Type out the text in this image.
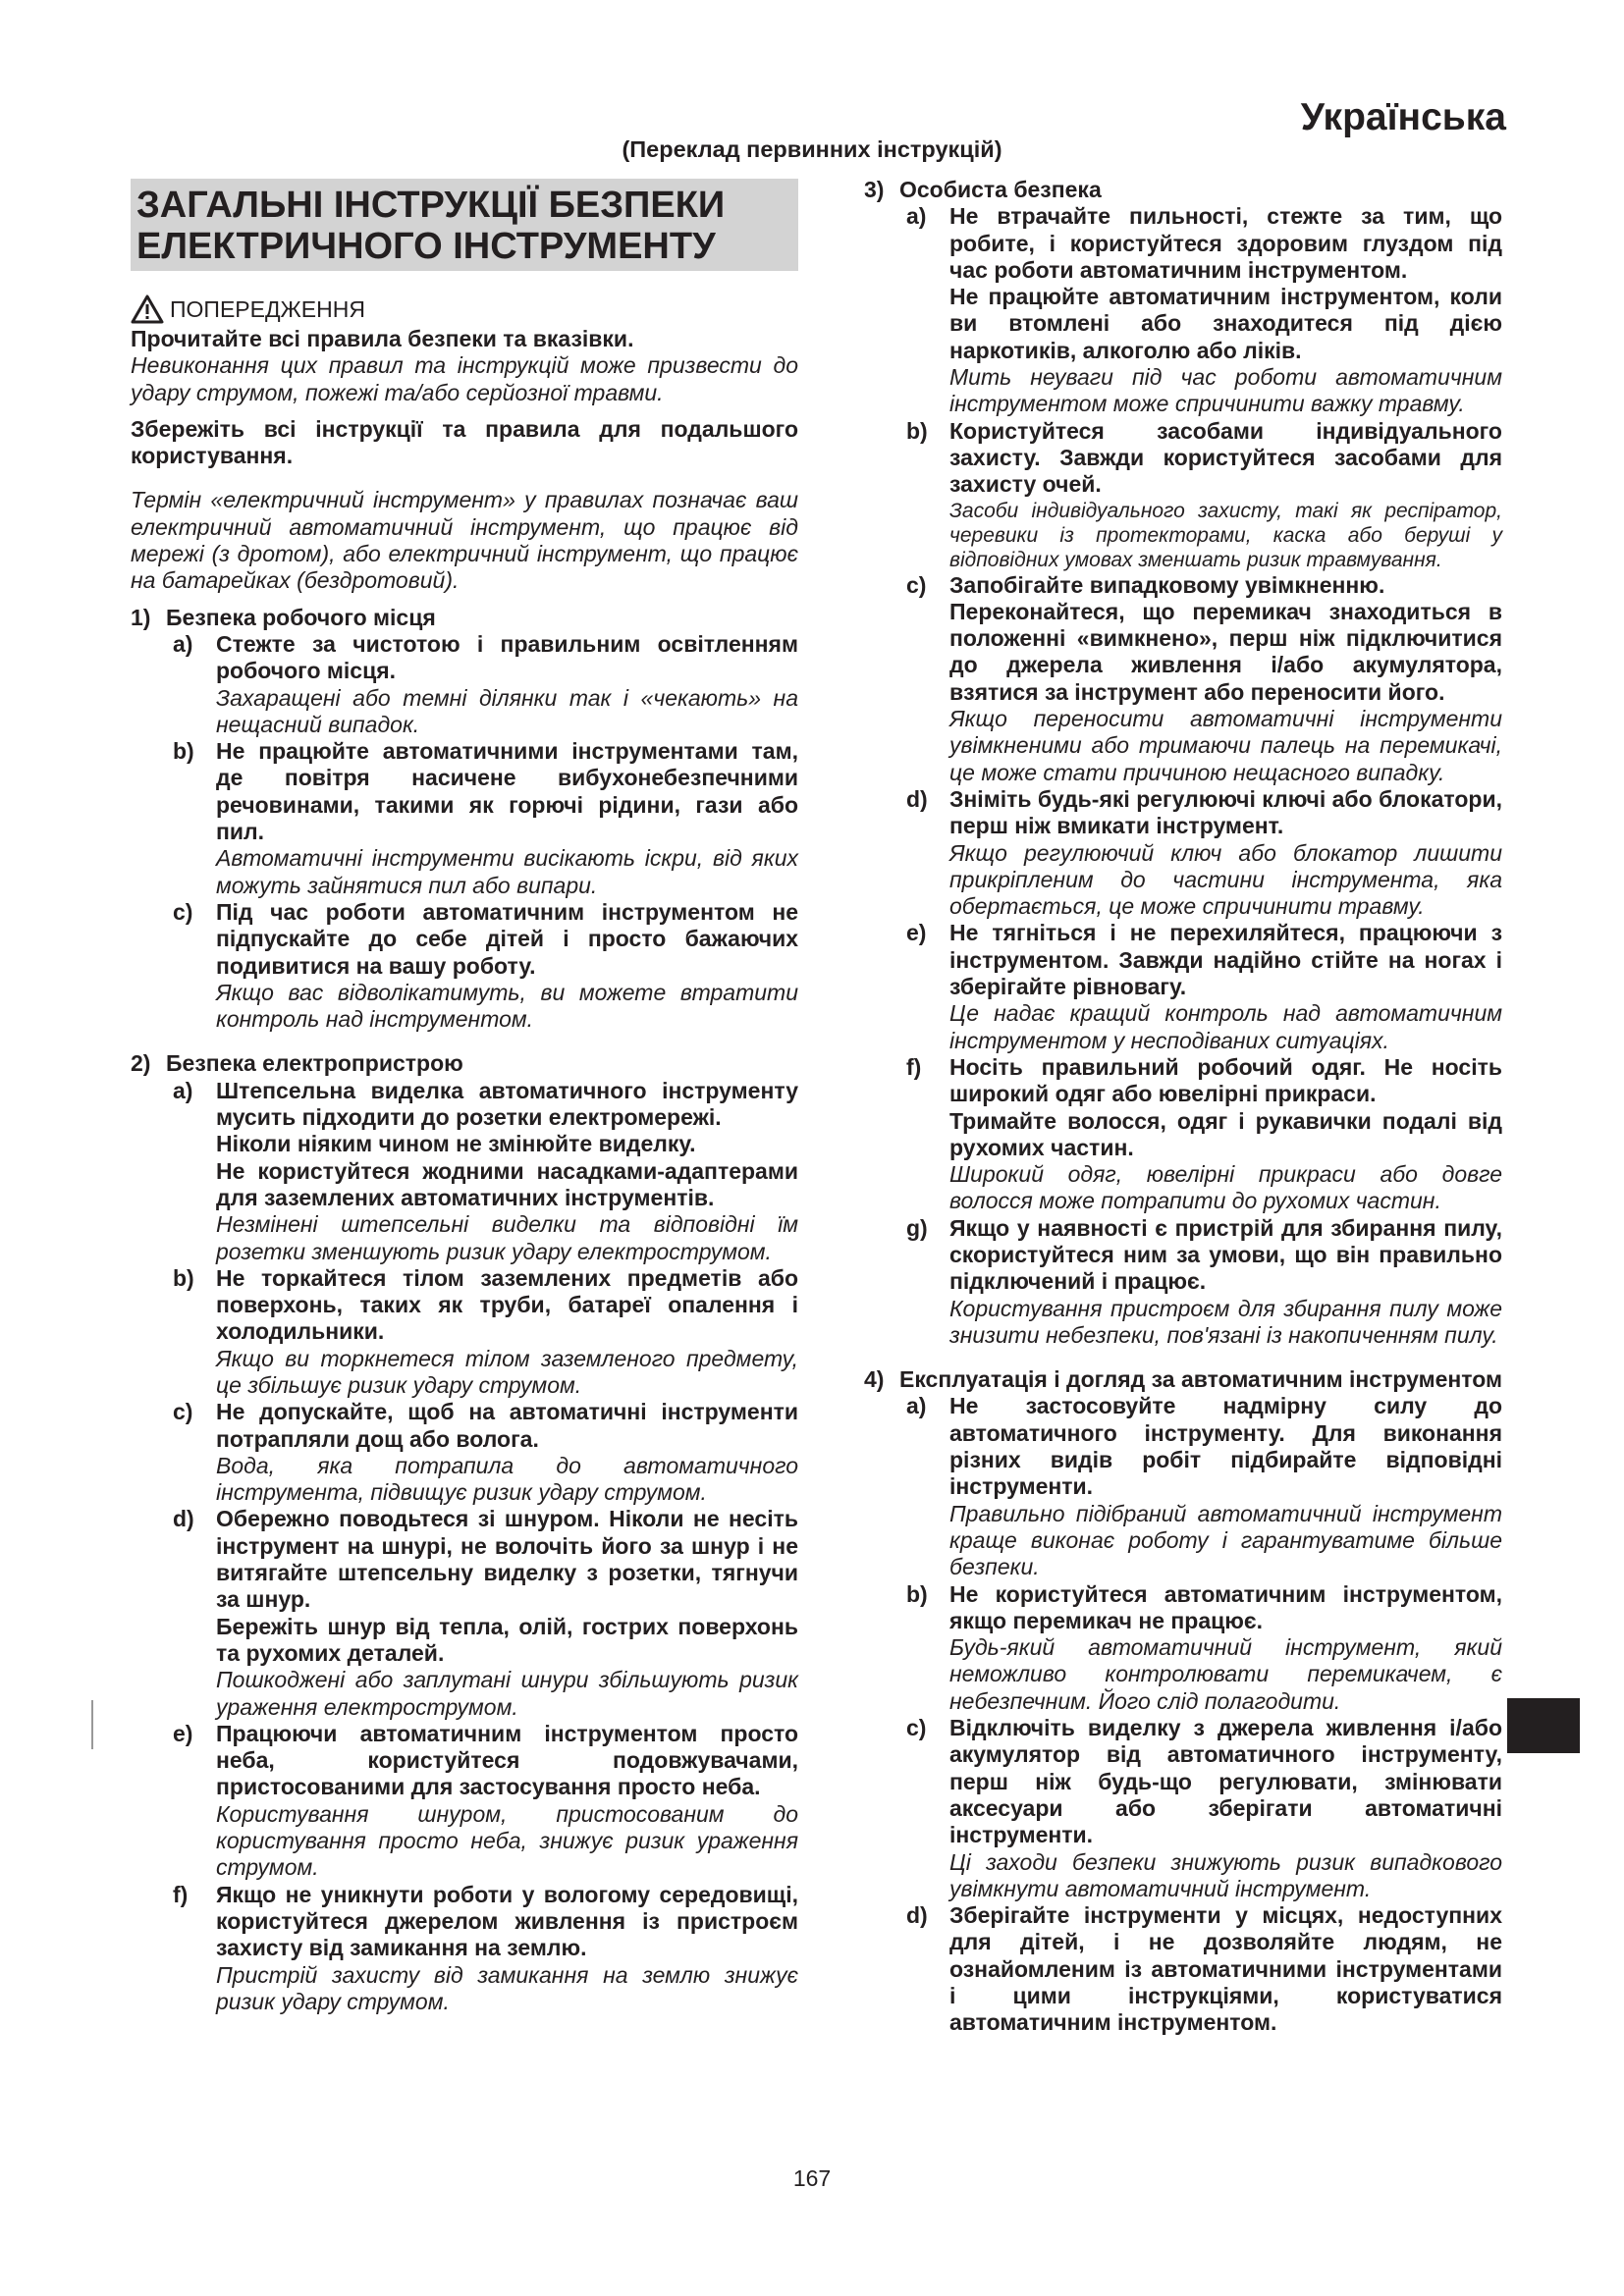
Українська
(Переклад первинних інструкцій)
ЗАГАЛЬНІ ІНСТРУКЦІЇ БЕЗПЕКИ
ЕЛЕКТРИЧНОГО ІНСТРУМЕНТУ
ПОПЕРЕДЖЕННЯ

Прочитайте всі правила безпеки та вказівки.

Невиконання цих правил та інструкцій може призвести до удару струмом, пожежі та/або серйозної травми.

Збережіть всі інструкції та правила для подальшого користування.

Термін «електричний інструмент» у правилах позначає ваш електричний автоматичний інструмент, що працює від мережі (з дротом), або електричний інструмент, що працює на батарейках (бездротовий).

1) Безпека робочого місця
a)	Стежте за чистотою і правильним освітленням робочого місця.
Захаращені або темні ділянки так і «чекають» на нещасний випадок.
b) Не працюйте автоматичними інструментами там, де повітря насичене вибухонебезпечними речовинами, такими як горючі рідини, гази або пил.
Автоматичні інструменти висікають іскри, від яких можуть зайнятися пил або випари.
c)	Під час роботи автоматичним інструментом не підпускайте до себе дітей і просто бажаючих подивитися на вашу роботу.
Якщо вас відволікатимуть, ви можете втратити контроль над інструментом.
2) Безпека електропристрою
a)	Штепсельна виделка автоматичного інструменту мусить підходити до розетки електромережі.
Ніколи ніяким чином не змінюйте виделку.
Не користуйтеся жодними насадками-адаптерами для заземлених автоматичних інструментів.
Незмінені штепсельні виделки та відповідні їм розетки зменшують ризик удару електрострумом.
b) Не торкайтеся тілом заземлених предметів або поверхонь, таких як труби, батареї опалення і холодильники.
Якщо ви торкнетеся тілом заземленого предмету, це збільшує ризик удару струмом.
c)	Не допускайте, щоб на автоматичні інструменти потрапляли дощ або волога.
Вода, яка потрапила до автоматичного інструмента, підвищує ризик удару струмом.
d) Обережно поводьтеся зі шнуром. Ніколи не несіть інструмент на шнурі, не волочіть його за шнур і не витягайте штепсельну виделку з розетки, тягнучи за шнур.
Бережіть шнур від тепла, олій, гострих поверхонь та рухомих деталей.
Пошкоджені або заплутані шнури збільшують ризик ураження електрострумом.
e)	Працюючи автоматичним інструментом просто неба, користуйтеся подовжувачами, пристосованими для застосування просто неба.
Користування шнуром, пристосованим до користування просто неба, знижує ризик ураження струмом.
f)	Якщо не уникнути роботи у вологому середовищі, користуйтеся джерелом живлення із пристроєм захисту від замикання на землю.
Пристрій захисту від замикання на землю знижує ризик удару струмом.
3) Особиста безпека
a)	Не втрачайте пильності, стежте за тим, що робите, і користуйтеся здоровим глуздом під час роботи автоматичним інструментом.
Не працюйте автоматичним інструментом, коли ви втомлені або знаходитеся під дією наркотиків, алкоголю або ліків.
Мить неуваги під час роботи автоматичним інструментом може спричинити важку травму.
b) Користуйтеся засобами індивідуального захисту. Завжди користуйтеся засобами для захисту очей.
Засоби індивідуального захисту, такі як респіратор, черевики із протекторами, каска або беруші у відповідних умовах зменшать ризик травмування.
c)	Запобігайте випадковому увімкненню.
Переконайтеся, що перемикач знаходиться в положенні «вимкнено», перш ніж підключитися до джерела живлення і/або акумулятора, взятися за інструмент або переносити його.
Якщо переносити автоматичні інструменти увімкненими або тримаючи палець на перемикачі, це може стати причиною нещасного випадку.
d) Зніміть будь-які регулюючі ключі або блокатори, перш ніж вмикати інструмент.
Якщо регулюючий ключ або блокатор лишити прикріпленим до частини інструмента, яка обертається, це може спричинити травму.
e)	Не тягніться і не перехиляйтеся, працюючи з інструментом. Завжди надійно стійте на ногах і зберігайте рівновагу.
Це надає кращий контроль над автоматичним інструментом у несподіваних ситуаціях.
f)	Носіть правильний робочий одяг. Не носіть широкий одяг або ювелірні прикраси.
Тримайте волосся, одяг і рукавички подалі від рухомих частин.
Широкий одяг, ювелірні прикраси або довге волосся може потрапити до рухомих частин.
g) Якщо у наявності є пристрій для збирання пилу, скористуйтеся ним за умови, що він правильно підключений і працює.
Користування пристроєм для збирання пилу може знизити небезпеки, пов'язані із накопиченням пилу.
4) Експлуатація і догляд за автоматичним інструментом
a)	Не застосовуйте надмірну силу до автоматичного інструменту. Для виконання різних видів робіт підбирайте відповідні інструменти.
Правильно підібраний автоматичний інструмент краще виконає роботу і гарантуватиме більше безпеки.
b) Не користуйтеся автоматичним інструментом, якщо перемикач не працює.
Будь-який автоматичний інструмент, який неможливо контролювати перемикачем, є небезпечним. Його слід полагодити.
c)	Відключіть виделку з джерела живлення і/або акумулятор від автоматичного інструменту, перш ніж будь-що регулювати, змінювати аксесуари або зберігати автоматичні інструменти.
Ці заходи безпеки знижують ризик випадкового увімкнути автоматичний інструмент.
d) Зберігайте інструменти у місцях, недоступних для дітей, і не дозволяйте людям, не ознайомленим із автоматичними інструментами і цими інструкціями, користуватися автоматичним інструментом.
167
